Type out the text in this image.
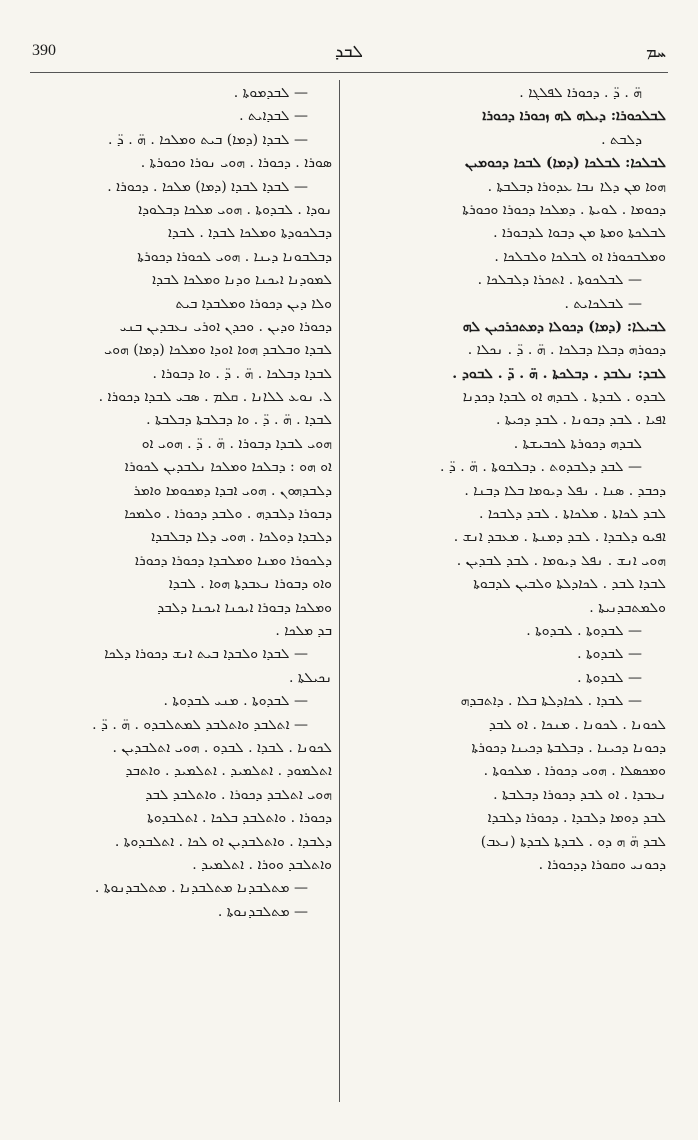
390	ܠܒܕ	ܚܡ
ܗ̈ . ܕ̈ . ܕܟܘܪܐ ܠܦܠܓܐ .
ܠܒܠܟܘܪܐ: ܕܝܠܗ ܠܗ ܙܟܘܪܐ ܕܟܘܪܐ
ܕܠܒܬ .
ܠܒܠܟܐ: ܠܒܠܟܐ (ܕܡܐ) ܠܒܟܐ ܕܟܘܡܝܢ
ܗܘܐ ܡܢ ܕܠܐ ܢܒܐ ܥܕܘܪܐ ܕܒܠܒܬܐ .
ܕܟܘܡܐ . ܠܘܝܬܐ . ܕܡܠܟܐ ܕܟܘܪܐ ܘܟܘܪܬܐ
ܠܒܠܟܬܐ ܘܡܬܐ ܡܢ ܕܒܘܐ ܠܕܒܘܪܐ .
ܘܡܠܒܟܘܪܐ ܐܘ ܠܒܠܟܐ ܘܠܒܠܟܐ .
— ܠܒܠܟܘܬܐ . ܐܬܟܪܐ ܕܠܒܠܟܐ .
— ܠܒܠܟܐܝܬ .
ܠܒܝܠܐ: (ܕܡܐ) ܕܟܘܠܐ ܕܡܬܟܪܟܝܢ ܠܗ
ܕܟܘܪܗ ܕܒܠܐ ܕܒܠܟܐ . ܗ̈ . ܕ̈ . ܢܟܠܐ .
ܠܒܕ: ܢܠܒܕ . ܕܒܠܟܬܐ . ܗ̈ . ܕ̈ . ܠܒܘܕ .
ܠܒܕܘ . ܠܒܕܬܐ . ܠܒܕܗ ܐܘ ܠܒܕܐ ܕܟܕܢܐ
ܐܦܝܐ . ܠܒܕ ܕܒܘܢܐ . ܠܒܕ ܕܟܝܬܐ .
ܠܒܕܗ ܕܟܘܪܬܐ ܠܟܒܝܫܬܐ .
— ܠܒܕ ܕܠܒܕܘܬ . ܕܒܠܒܘܬܐ . ܗ̈ . ܕ̈ .
ܕܟܒܕ . ܣܢܐ . ܢܦܠ ܕܝܘܡܐ ܒܠܐ ܕܒܢܐ .
ܠܒܕ ܠܟܐܬܐ . ܡܠܟܐܬܐ . ܠܒܕ ܕܠܒܟܐ .
ܐܦܝܘ ܕܠܒܕܐ . ܠܒܕ ܕܡܢܬܐ . ܡܥܒܕ ܐܢܫ .
ܗܘܝ ܐܢܫ . ܢܦܠ ܕܝܘܡܐ . ܠܒܕ ܠܒܕܝܢ .
ܠܒܕܐ ܠܒܕ . ܠܟܐܕܠܬܐ ܘܠܒܝܢ ܠܕܒܘܬܐ
ܘܠܡܬܒܕܢܝܬܐ .
— ܠܒܕܘܬܐ . ܠܒܕܘܬܐ .
— ܠܒܕܘܬܐ .
— ܠܒܕܘܬܐ .
— ܠܒܕܐ . ܠܟܐܕܠܬܐ ܒܠܐ . ܕܐܬܒܕܗ
ܠܟܘܢܐ . ܠܟܘܢܐ . ܡܢܟܐ . ܐܘ ܠܒܕ
ܕܟܘܢܐ ܕܟܝܢܐ . ܕܒܠܒܬܐ ܕܟܝܢܐ ܕܟܘܪܬܐ
ܘܡܟܣܠܐ . ܗܘܝ ܕܟܘܪܐ . ܡܠܟܘܬܐ .
ܢܥܒܕܐ . ܐܘ ܠܒܕ ܕܟܘܪܐ ܕܒܠܒܬܐ .
ܠܒܕ ܕܘܡܐ ܕܠܒܕܐ . ܕܟܘܪܐ ܕܠܒܕܐ
ܠܒܕ ܗ̈ ܗ ܕܘ . ܠܒܕܬܐ ܠܒܕܬܐ (ܢܥܒ)
ܕܟܘܢܝ ܘܩܘܪܐ ܕܕܟܘܪܐ .
— ܠܒܕܡܘܬܐ .
— ܠܒܕܐܝܬ .
— ܠܒܕܐ (ܕܡܐ) ܒܝܬ ܘܡܠܟܐ . ܗ̈ . ܕ̈ .
ܣܘܪܐ . ܕܟܘܪܐ . ܗܘܝ ܢܘܪܐ ܘܟܘܪܬܐ .
— ܠܒܕܐ ܠܒܕܐ (ܕܡܐ) ܡܠܟܐ . ܕܟܘܪܐ .
ܢܘܕܐ . ܠܒܕܘܬܐ . ܗܘܝ ܡܠܟܐ ܕܒܠܘܕܐ
ܕܒܠܟܘܕܬܐ ܘܡܠܟܐ ܠܒܕܐ . ܠܒܕܐ
ܕܒܠܒܘܢܐ ܕܝܢܐ . ܗܘܝ ܠܟܘܪܐ ܕܟܘܪܬܐ
ܠܡܘܕܢܐ ܐܝܟܢܐ ܘܕܢܐ ܘܡܠܟܐ ܠܒܕܐ
ܘܠܐ ܕܝܢ ܕܟܘܪܐ ܘܡܠܒܕܐ ܒܝܬ
ܕܟܘܪܐ ܘܕܝܢ . ܘܟܕܢ ܐܘܪܝ ܢܥܒܕܝܢ ܒܢܝ
ܠܒܕܐ ܘܒܠܒܕ ܗܘܐ ܐܘܕܐ ܘܡܠܟܐ (ܕܡܐ) ܗܘܝ
ܠܒܕܐ ܕܒܠܟܐ . ܗ̈ . ܕ̈ . ܘܐ ܕܒܘܪܐ .
ܠ. ܢܘܥ ܠܠܐܢܐ . ܩܠܡ . ܣܒܝ ܠܒܕܐ ܕܟܘܪܐ .
ܠܒܕܐ . ܗ̈ . ܕ̈ . ܘܐ ܕܒܠܒܬܐ ܕܒܠܒܬܐ .
ܗܘܝ ܠܒܕܐ ܕܒܘܪܐ . ܗ̈ . ܕ̈ . ܗܘܝ ܐܘ
ܐܘ ܗܘ : ܕܒܠܟܐ ܘܡܠܟܐ ܢܠܒܕܝܢ ܠܟܘܪܐ
ܕܠܒܕܗܘܢ . ܗܘܝ ܐܒܕܐ ܕܡܟܘܡܐ ܘܐܡܪ
ܕܒܘܪܐ ܕܠܒܕܗ . ܘܠܒܕ ܕܟܘܪܐ . ܘܠܡܟܐ
ܕܠܒܕܐ ܕܘܠܟܐ . ܗܘܝ ܕܠܐ ܕܒܠܒܕܐ
ܕܠܟܘܪܐ ܘܡܢܐ ܘܡܠܒܕܐ ܕܟܘܪܐ ܕܟܘܪܐ
ܘܐܘ ܕܒܘܪܐ ܢܥܒܕܬܐ ܗܘܐ . ܠܒܕܐ
ܘܡܠܟܐ ܕܒܘܪܐ ܐܝܟܢܐ ܐܝܟܢܐ ܕܠܒܕ
ܒܕ ܡܠܟܐ .
— ܠܒܕܐ ܘܠܒܕܐ ܒܝܬ ܐܢܫ ܕܟܘܪܐ ܕܠܟܐ
ܢܟܝܠܬܐ .
— ܠܒܕܘܬܐ . ܡܢܝ ܠܒܕܘܬܐ .
— ܐܬܠܒܕ ܘܐܬܠܒܕ ܠܡܬܠܒܕܘ . ܗ̈ . ܕ̈ .
ܠܟܘܢܐ . ܠܒܕܐ . ܠܒܕܘ . ܗܘܝ ܐܬܠܒܕܝܢ .
ܐܬܠܡܘܕ . ܐܬܠܡܝܕ . ܐܬܠܡܝܕ . ܘܐܬܒܕ
ܗܘܝ ܐܬܠܒܕ ܕܟܘܪܐ . ܘܐܬܠܒܕ ܠܒܕ
ܕܟܘܪܐ . ܘܐܬܠܒܕ ܒܠܟܐ . ܐܬܠܒܕܘܬܐ
ܕܠܒܕܐ . ܘܐܬܠܒܕܝܢ ܐܘ ܠܟܐ . ܐܬܠܒܕܘܬܐ .
ܘܐܬܠܒܕ ܘܘܪܐ . ܐܬܠܡܝܕ .
— ܡܬܠܒܕܢܐ ܡܬܠܒܕܢܐ . ܡܬܠܒܕܢܘܬܐ .
— ܡܬܠܒܕܢܘܬܐ .
